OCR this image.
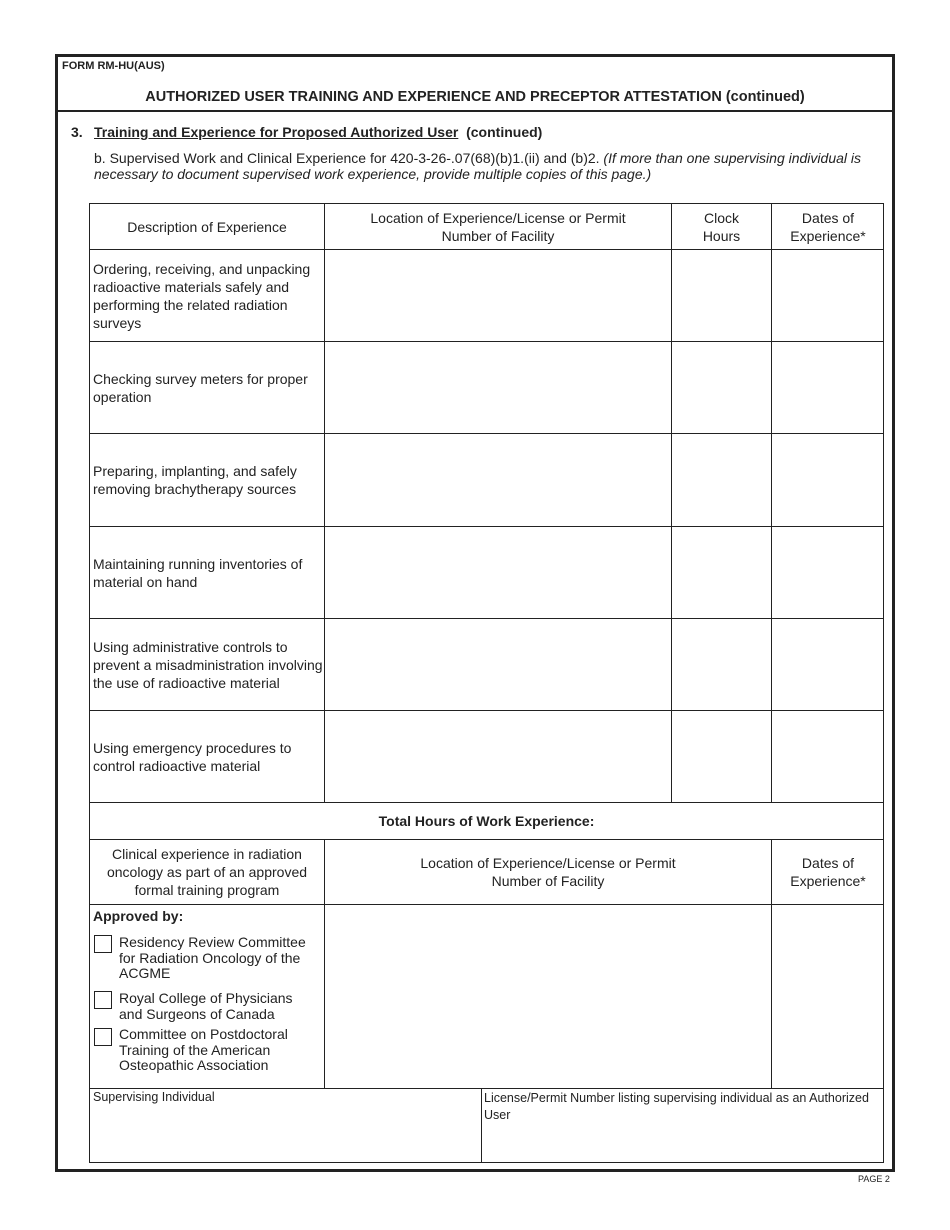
FORM RM-HU(AUS)
AUTHORIZED USER TRAINING AND EXPERIENCE AND PRECEPTOR ATTESTATION (continued)
3. Training and Experience for Proposed Authorized User (continued)
b. Supervised Work and Clinical Experience for 420-3-26-.07(68)(b)1.(ii) and (b)2. (If more than one supervising individual is necessary to document supervised work experience, provide multiple copies of this page.)
Description of Experience
Location of Experience/License or Permit Number of Facility
Clock Hours
Dates of Experience*
Ordering, receiving, and unpacking radioactive materials safely and performing the related radiation surveys
Checking survey meters for proper operation
Preparing, implanting, and safely removing brachytherapy sources
Maintaining running inventories of material on hand
Using administrative controls to prevent a misadministration involving the use of radioactive material
Using emergency procedures to control radioactive material
Total Hours of Work Experience:
Clinical experience in radiation oncology as part of an approved formal training program
Location of Experience/License or Permit Number of Facility
Dates of Experience*
Approved by:
Residency Review Committee for Radiation Oncology of the ACGME
Royal College of Physicians and Surgeons of Canada
Committee on Postdoctoral Training of the American Osteopathic Association
Supervising Individual	License/Permit Number listing supervising individual as an Authorized User
PAGE 2
